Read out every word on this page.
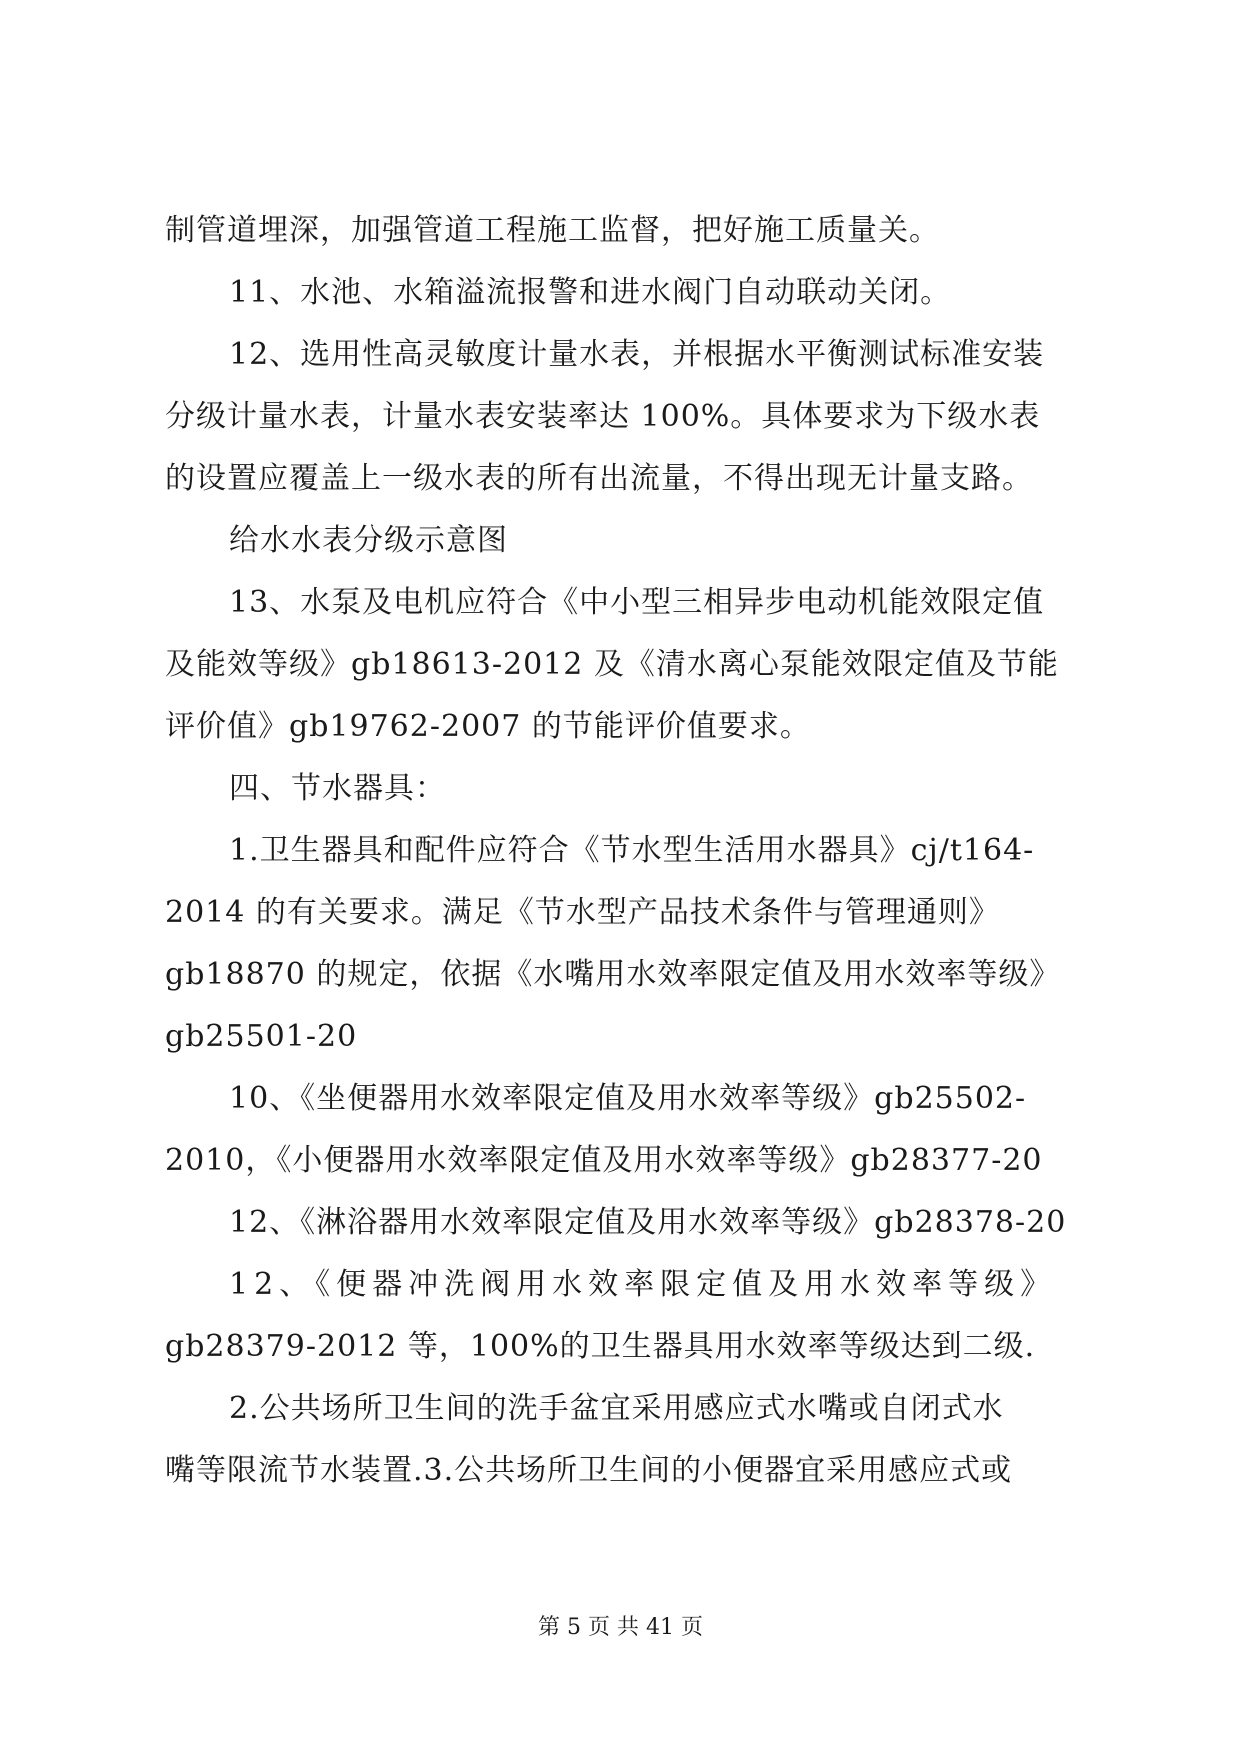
制管道埋深，加强管道工程施工监督，把好施工质量关。
11、水池、水箱溢流报警和进水阀门自动联动关闭。
12、选用性高灵敏度计量水表，并根据水平衡测试标准安装
分级计量水表，计量水表安装率达 100%。具体要求为下级水表
的设置应覆盖上一级水表的所有出流量，不得出现无计量支路。
给水水表分级示意图
13、水泵及电机应符合《中小型三相异步电动机能效限定值
及能效等级》gb18613-2012 及《清水离心泵能效限定值及节能
评价值》gb19762-2007 的节能评价值要求。
四、节水器具：
1.卫生器具和配件应符合《节水型生活用水器具》cj/t164-
2014 的有关要求。满足《节水型产品技术条件与管理通则》
gb18870 的规定，依据《水嘴用水效率限定值及用水效率等级》
gb25501-20
10、《坐便器用水效率限定值及用水效率等级》gb25502-
2010，《小便器用水效率限定值及用水效率等级》gb28377-20
12、《淋浴器用水效率限定值及用水效率等级》gb28378-20
12、《便器冲洗阀用水效率限定值及用水效率等级》
gb28379-2012 等，100%的卫生器具用水效率等级达到二级.
2.公共场所卫生间的洗手盆宜采用感应式水嘴或自闭式水
嘴等限流节水装置.3.公共场所卫生间的小便器宜采用感应式或
第 5 页 共 41 页
